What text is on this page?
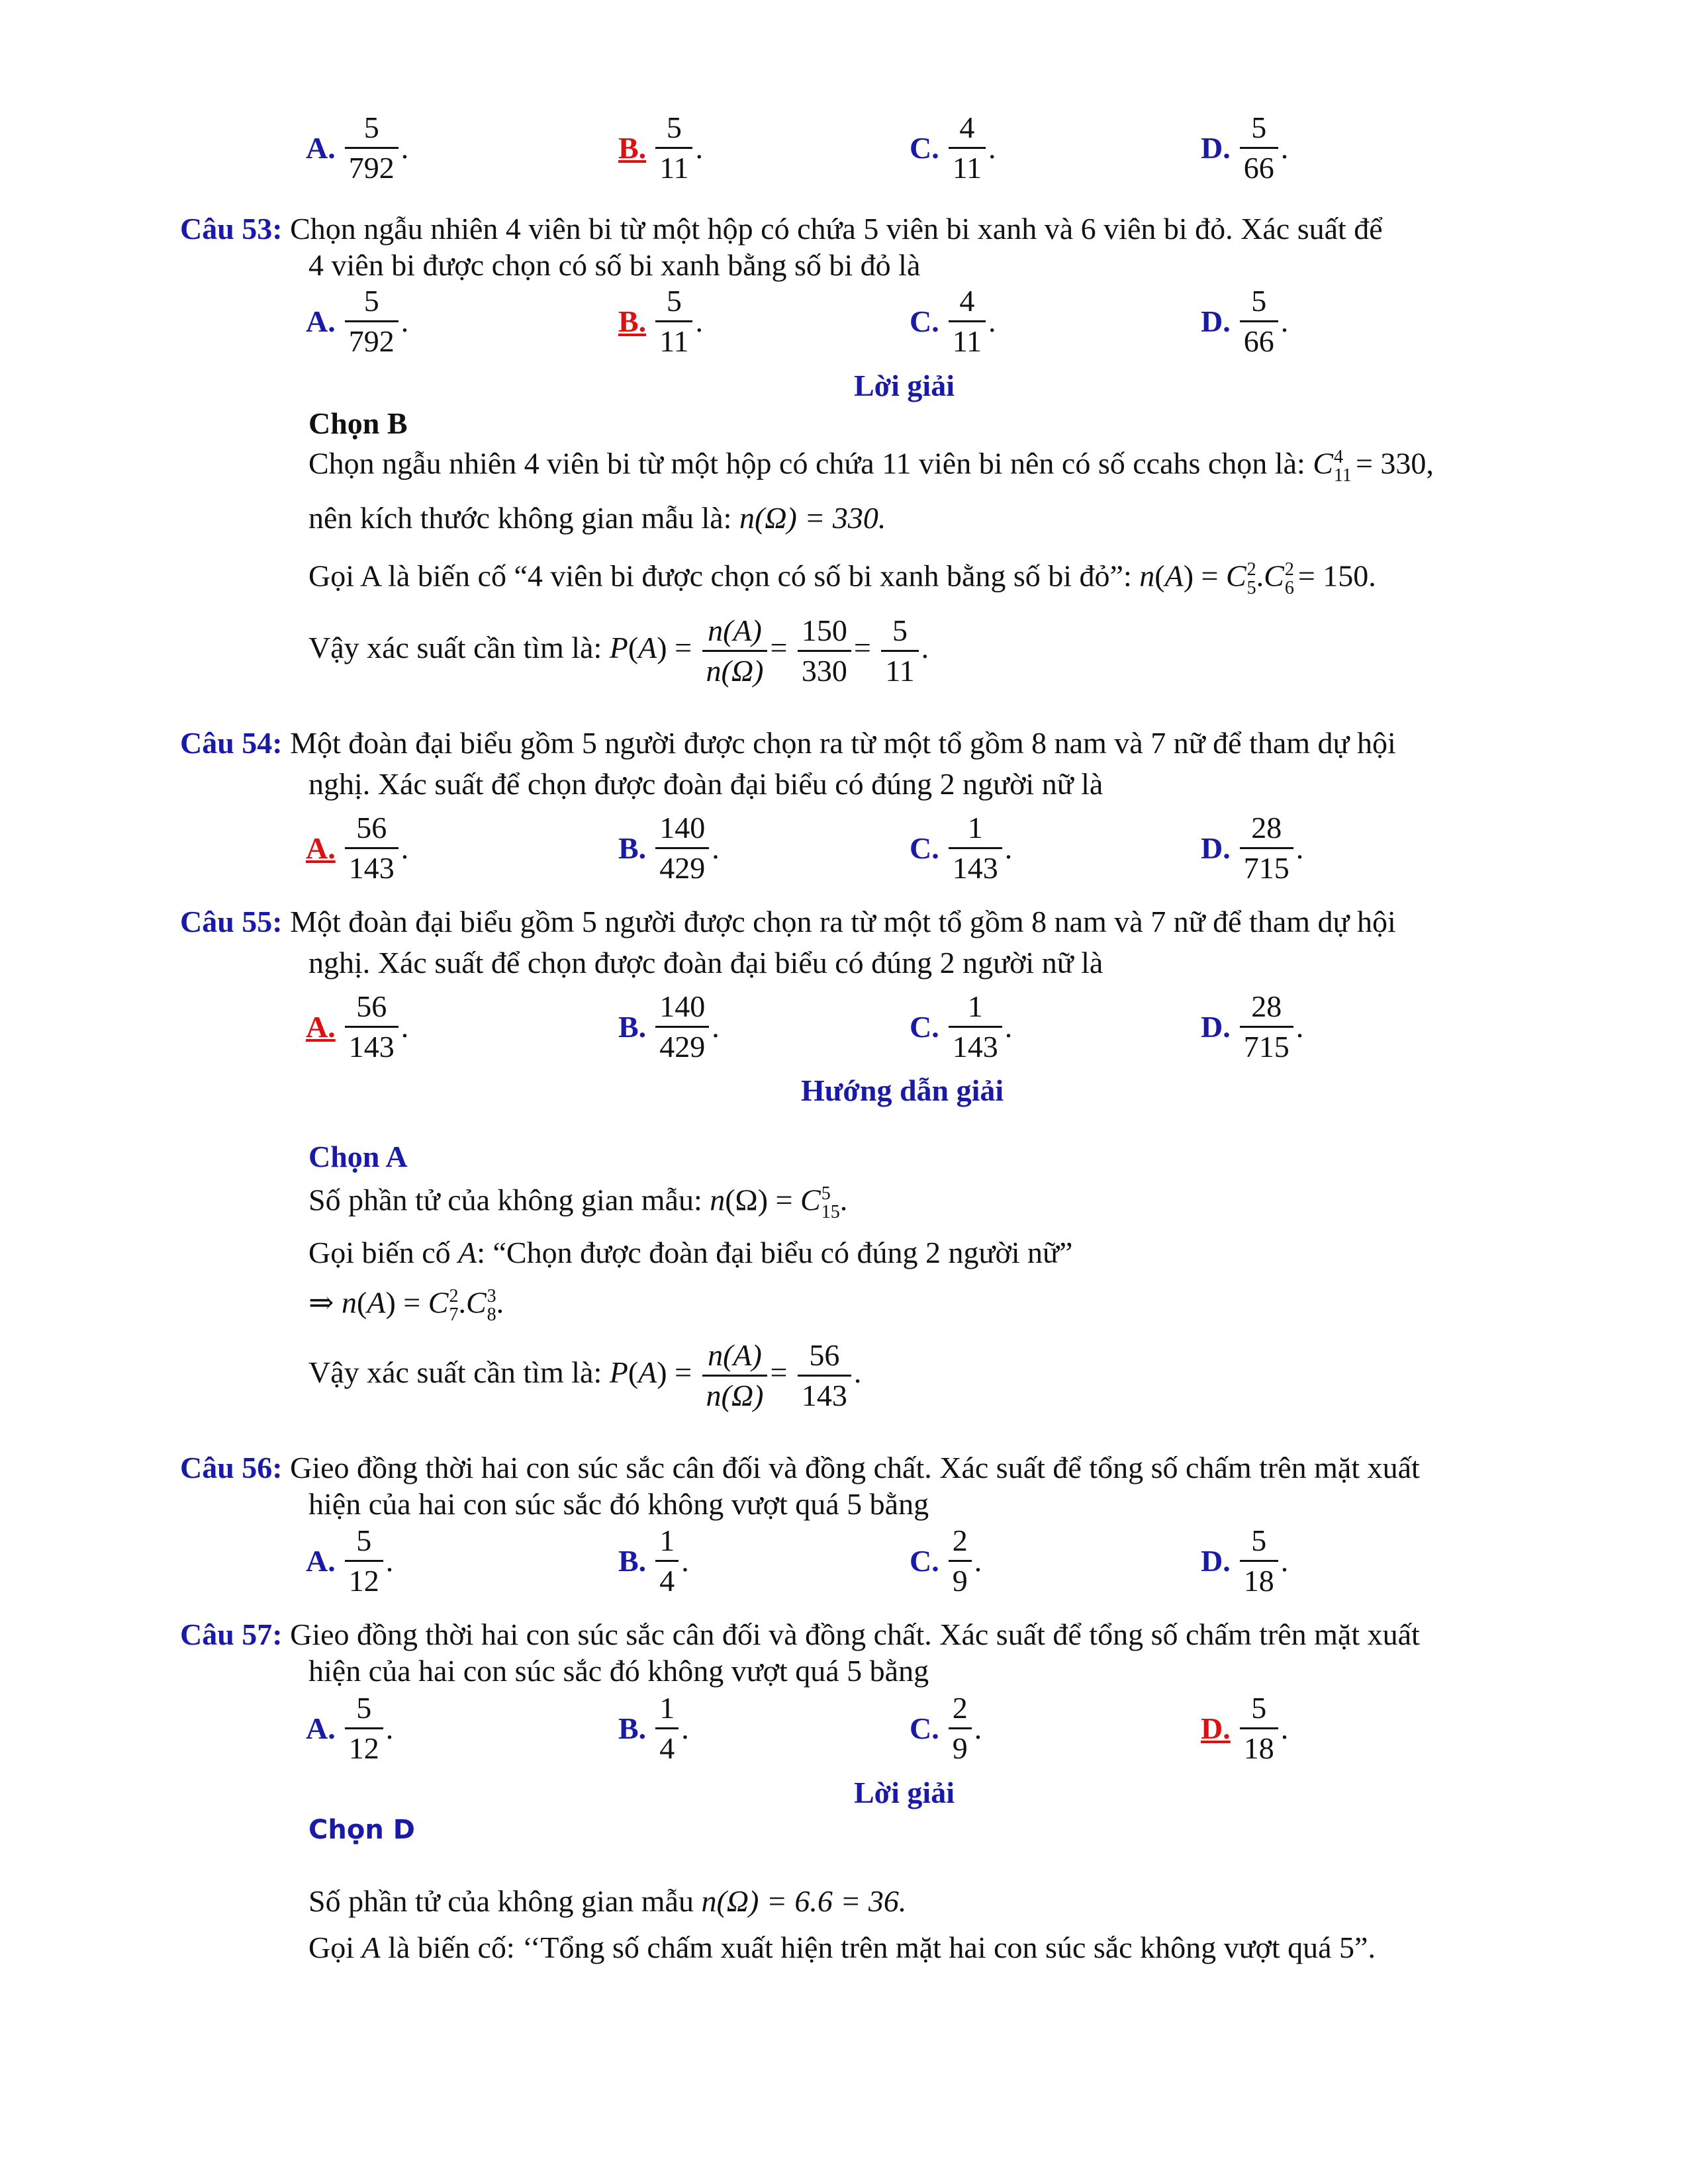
A. $\frac{5}{792}$ .	B. $\frac{5}{11}$ .	C. $\frac{4}{11}$ .	D. $\frac{5}{66}$ .
Câu 53: Chọn ngẫu nhiên 4 viên bi từ một hộp có chứa 5 viên bi xanh và 6 viên bi đỏ. Xác suất để
4 viên bi được chọn có số bi xanh bằng số bi đỏ là
A. $\frac{5}{792}$ .	B. $\frac{5}{11}$ .	C. $\frac{4}{11}$ .	D. $\frac{5}{66}$ .
Lời giải
Chọn B
Chọn ngẫu nhiên 4 viên bi từ một hộp có chứa 11 viên bi nên có số ccahs chọn là: C 4
11 = 330,
nên kích thước không gian mẫu là: n(Ω) = 330.
Gọi A là biến cố “4 viên bi được chọn có số bi xanh bằng số bi đỏ”: n(A) = C 2
5 .C 2
6 = 150.
Vậy xác suất cần tìm là: $P(A) = \frac{n(A)}{n(\Omega)} = \frac{150}{330} = \frac{5}{11}$ .
Câu 54: Một đoàn đại biểu gồm 5 người được chọn ra từ một tổ gồm 8 nam và 7 nữ để tham dự hội
nghị. Xác suất để chọn được đoàn đại biểu có đúng 2 người nữ là
A. $\frac{56}{143}$ .	B. $\frac{140}{429}$ .	C. $\frac{1}{143}$ .	D. $\frac{28}{715}$ .
Câu 55: Một đoàn đại biểu gồm 5 người được chọn ra từ một tổ gồm 8 nam và 7 nữ để tham dự hội
nghị. Xác suất để chọn được đoàn đại biểu có đúng 2 người nữ là
A. $\frac{56}{143}$ .	B. $\frac{140}{429}$ .	C. $\frac{1}{143}$ .	D. $\frac{28}{715}$ .
Hướng dẫn giải
Chọn A
Số phần tử của không gian mẫu: n(Ω) = C 5
15 .
Gọi biến cố A: “Chọn được đoàn đại biểu có đúng 2 người nữ”
⇒ n(A) = C 2
7 .C 3
8 .
Vậy xác suất cần tìm là: $P(A) = \frac{n(A)}{n(\Omega)} = \frac{56}{143}$ .
Câu 56: Gieo đồng thời hai con súc sắc cân đối và đồng chất. Xác suất để tổng số chấm trên mặt xuất
hiện của hai con súc sắc đó không vượt quá 5 bằng
A. $\frac{5}{12}$ .	B. $\frac{1}{4}$ .	C. $\frac{2}{9}$ .	D. $\frac{5}{18}$ .
Câu 57: Gieo đồng thời hai con súc sắc cân đối và đồng chất. Xác suất để tổng số chấm trên mặt xuất
hiện của hai con súc sắc đó không vượt quá 5 bằng
A. $\frac{5}{12}$ .	B. $\frac{1}{4}$ .	C. $\frac{2}{9}$ .	D. $\frac{5}{18}$ .
Lời giải
Chọn D
Số phần tử của không gian mẫu n(Ω) = 6.6 = 36.
Gọi A là biến cố: ‘‘Tổng số chấm xuất hiện trên mặt hai con súc sắc không vượt quá 5”.
